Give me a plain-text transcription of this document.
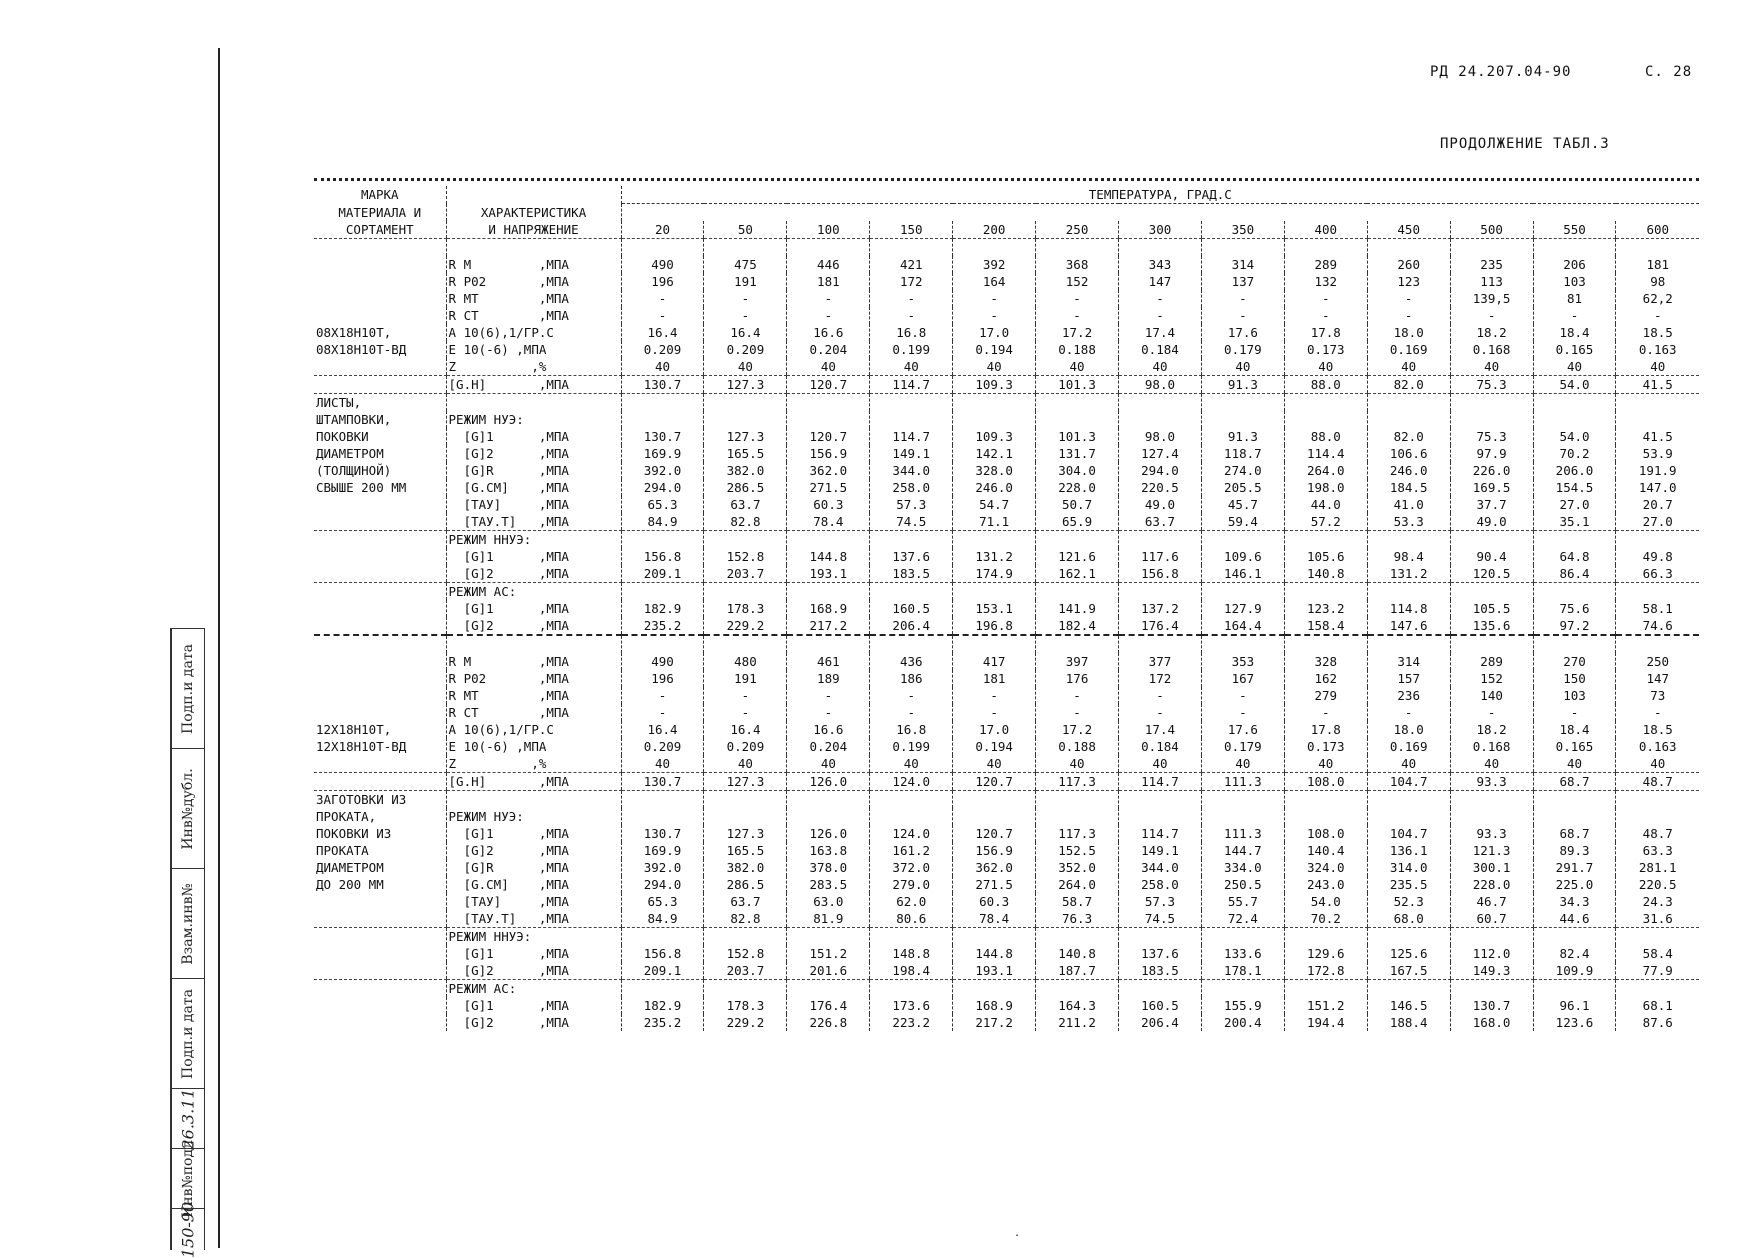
РД 24.207.04-90	С. 28
ПРОДОЛЖЕНИЕ ТАБЛ.3
Подп.и дата
Инв№дубл.
Взам.инв№
Подп.и дата
26.3.11
Инв№подл
150-90
МАРКА		ТЕМПЕРАТУРА, ГРАД.С												
МАТЕРИАЛА И	ХАРАКТЕРИСТИКА													
СОРТАМЕНТ	И НАПРЯЖЕНИЕ	20	50	100	150	200	250	300	350	400	450	500	550	600

	R M         ,МПА	490	475	446	421	392	368	343	314	289	260	235	206	181
	R P02       ,МПА	196	191	181	172	164	152	147	137	132	123	113	103	98
	R MT        ,МПА	-	-	-	-	-	-	-	-	-	-	139,5	81	62,2
	R CT        ,МПА	-	-	-	-	-	-	-	-	-	-	-	-	-
08Х18Н10Т,	A 10(6),1/ГР.С	16.4	16.4	16.6	16.8	17.0	17.2	17.4	17.6	17.8	18.0	18.2	18.4	18.5
08Х18Н10Т-ВД	E 10(-6) ,МПА	0.209	0.209	0.204	0.199	0.194	0.188	0.184	0.179	0.173	0.169	0.168	0.165	0.163
	Z          ,%	40	40	40	40	40	40	40	40	40	40	40	40	40
	[G.H]       ,МПА	130.7	127.3	120.7	114.7	109.3	101.3	98.0	91.3	88.0	82.0	75.3	54.0	41.5
ЛИСТЫ,														
ШТАМПОВКИ,	РЕЖИМ НУЭ:													
ПОКОВКИ	[G]1      ,МПА	130.7	127.3	120.7	114.7	109.3	101.3	98.0	91.3	88.0	82.0	75.3	54.0	41.5
ДИАМЕТРОМ	[G]2      ,МПА	169.9	165.5	156.9	149.1	142.1	131.7	127.4	118.7	114.4	106.6	97.9	70.2	53.9
(ТОЛЩИНОЙ)	[G]R      ,МПА	392.0	382.0	362.0	344.0	328.0	304.0	294.0	274.0	264.0	246.0	226.0	206.0	191.9
СВЫШЕ 200 ММ	[G.CM]    ,МПА	294.0	286.5	271.5	258.0	246.0	228.0	220.5	205.5	198.0	184.5	169.5	154.5	147.0
	[ТАУ]     ,МПА	65.3	63.7	60.3	57.3	54.7	50.7	49.0	45.7	44.0	41.0	37.7	27.0	20.7
	[ТАУ.Т]   ,МПА	84.9	82.8	78.4	74.5	71.1	65.9	63.7	59.4	57.2	53.3	49.0	35.1	27.0
	РЕЖИМ ННУЭ:													
	[G]1      ,МПА	156.8	152.8	144.8	137.6	131.2	121.6	117.6	109.6	105.6	98.4	90.4	64.8	49.8
	[G]2      ,МПА	209.1	203.7	193.1	183.5	174.9	162.1	156.8	146.1	140.8	131.2	120.5	86.4	66.3
	РЕЖИМ АС:													
	[G]1      ,МПА	182.9	178.3	168.9	160.5	153.1	141.9	137.2	127.9	123.2	114.8	105.5	75.6	58.1
	[G]2      ,МПА	235.2	229.2	217.2	206.4	196.8	182.4	176.4	164.4	158.4	147.6	135.6	97.2	74.6

	R M         ,МПА	490	480	461	436	417	397	377	353	328	314	289	270	250
	R P02       ,МПА	196	191	189	186	181	176	172	167	162	157	152	150	147
	R MT        ,МПА	-	-	-	-	-	-	-	-	279	236	140	103	73
	R CT        ,МПА	-	-	-	-	-	-	-	-	-	-	-	-	-
12Х18Н10Т,	A 10(6),1/ГР.С	16.4	16.4	16.6	16.8	17.0	17.2	17.4	17.6	17.8	18.0	18.2	18.4	18.5
12Х18Н10Т-ВД	E 10(-6) ,МПА	0.209	0.209	0.204	0.199	0.194	0.188	0.184	0.179	0.173	0.169	0.168	0.165	0.163
	Z          ,%	40	40	40	40	40	40	40	40	40	40	40	40	40
	[G.H]       ,МПА	130.7	127.3	126.0	124.0	120.7	117.3	114.7	111.3	108.0	104.7	93.3	68.7	48.7
ЗАГОТОВКИ ИЗ														
ПРОКАТА,	РЕЖИМ НУЭ:													
ПОКОВКИ ИЗ	[G]1      ,МПА	130.7	127.3	126.0	124.0	120.7	117.3	114.7	111.3	108.0	104.7	93.3	68.7	48.7
ПРОКАТА	[G]2      ,МПА	169.9	165.5	163.8	161.2	156.9	152.5	149.1	144.7	140.4	136.1	121.3	89.3	63.3
ДИАМЕТРОМ	[G]R      ,МПА	392.0	382.0	378.0	372.0	362.0	352.0	344.0	334.0	324.0	314.0	300.1	291.7	281.1
ДО 200 ММ	[G.CM]    ,МПА	294.0	286.5	283.5	279.0	271.5	264.0	258.0	250.5	243.0	235.5	228.0	225.0	220.5
	[ТАУ]     ,МПА	65.3	63.7	63.0	62.0	60.3	58.7	57.3	55.7	54.0	52.3	46.7	34.3	24.3
	[ТАУ.Т]   ,МПА	84.9	82.8	81.9	80.6	78.4	76.3	74.5	72.4	70.2	68.0	60.7	44.6	31.6
	РЕЖИМ ННУЭ:													
	[G]1      ,МПА	156.8	152.8	151.2	148.8	144.8	140.8	137.6	133.6	129.6	125.6	112.0	82.4	58.4
	[G]2      ,МПА	209.1	203.7	201.6	198.4	193.1	187.7	183.5	178.1	172.8	167.5	149.3	109.9	77.9
	РЕЖИМ АС:													
	[G]1      ,МПА	182.9	178.3	176.4	173.6	168.9	164.3	160.5	155.9	151.2	146.5	130.7	96.1	68.1
	[G]2      ,МПА	235.2	229.2	226.8	223.2	217.2	211.2	206.4	200.4	194.4	188.4	168.0	123.6	87.6
.
